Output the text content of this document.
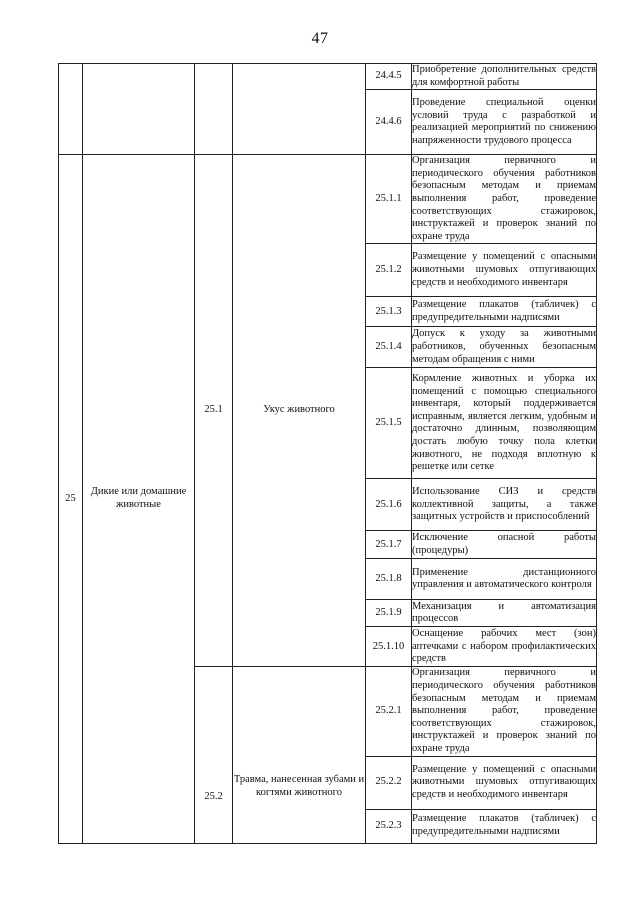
47
				24.4.5	Приобретение дополнительных средств для комфортной работы

				24.4.6	Проведение специальной оценки условий труда с разработкой и реализацией мероприятий по снижению напряженности трудового процесса

25	Дикие или домашние животные	25.1	Укус животного	25.1.1	Организация первичного и периодического обучения работников безопасным методам и приемам выполнения работ, проведение соответствующих стажировок, инструктажей и проверок знаний по охране труда

				25.1.2	Размещение у помещений с опасными животными шумовых отпугивающих средств и необходимого инвентаря

				25.1.3	Размещение плакатов (табличек) с предупредительными надписями

				25.1.4	Допуск к уходу за животными работников, обученных безопасным методам обращения с ними

				25.1.5	Кормление животных и уборка их помещений с помощью специального инвентаря, который поддерживается исправным, является легким, удобным и достаточно длинным, позволяющим достать любую точку пола клетки животного, не подходя вплотную к решетке или сетке

				25.1.6	Использование СИЗ и средств коллективной защиты, а также защитных устройств и приспособлений

				25.1.7	Исключение опасной работы (процедуры)

				25.1.8	Применение дистанционного управления и автоматического контроля

				25.1.9	Механизация и автоматизация процессов

				25.1.10	Оснащение рабочих мест (зон) аптечками с набором профилактических средств

		25.2	Травма, нанесенная зубами и когтями животного	25.2.1	Организация первичного и периодического обучения работников безопасным методам и приемам выполнения работ, проведение соответствующих стажировок, инструктажей и проверок знаний по охране труда

				25.2.2	Размещение у помещений с опасными животными шумовых отпугивающих средств и необходимого инвентаря

				25.2.3	Размещение плакатов (табличек) с предупредительными надписями
